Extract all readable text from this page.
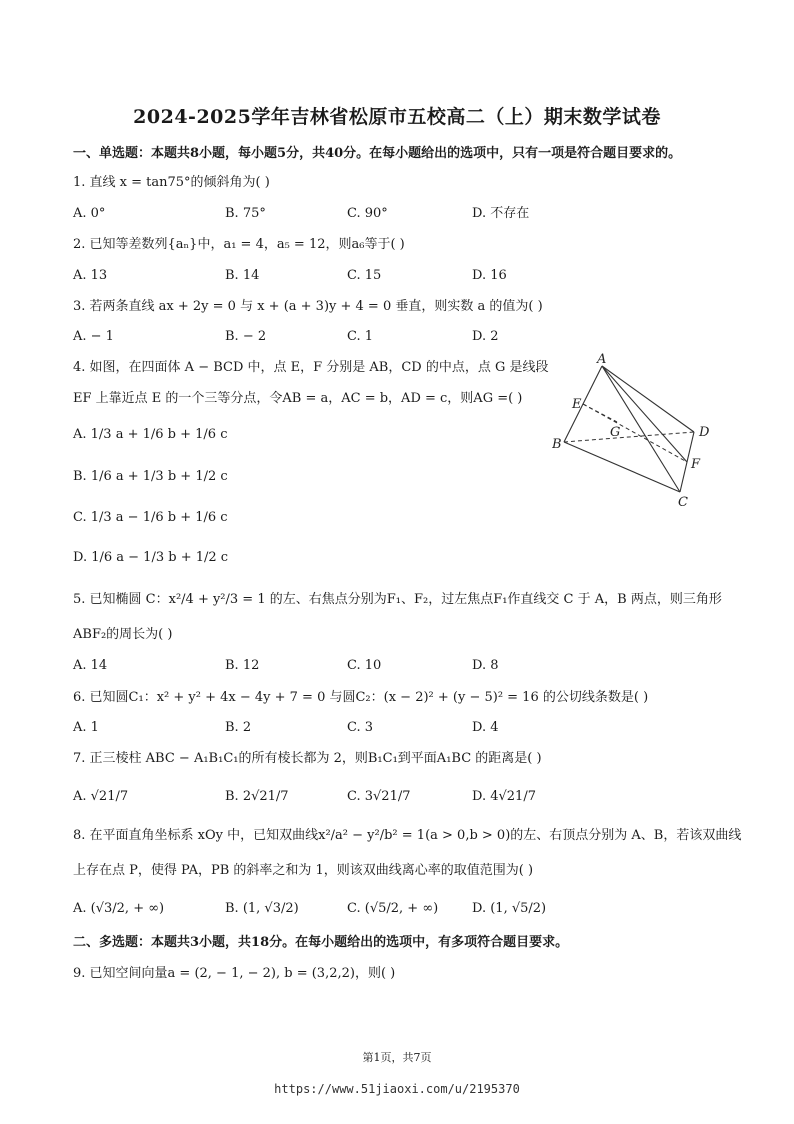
2024-2025学年吉林省松原市五校高二（上）期末数学试卷
一、单选题：本题共8小题，每小题5分，共40分。在每小题给出的选项中，只有一项是符合题目要求的。
1. 直线 x = tan75°的倾斜角为( )
A. 0°	B. 75°	C. 90°	D. 不存在
2. 已知等差数列{aₙ}中，a₁ = 4，a₅ = 12，则a₆等于( )
A. 13	B. 14	C. 15	D. 16
3. 若两条直线 ax + 2y = 0 与 x + (a + 3)y + 4 = 0 垂直，则实数 a 的值为( )
A. − 1	B. − 2	C. 1	D. 2
4. 如图，在四面体 A − BCD 中，点 E，F 分别是 AB，CD 的中点，点 G 是线段
EF 上靠近点 E 的一个三等分点，令AB = a，AC = b，AD = c，则AG =( )
A. 1/3 a + 1/6 b + 1/6 c
B. 1/6 a + 1/3 b + 1/2 c
C. 1/3 a − 1/6 b + 1/6 c
D. 1/6 a − 1/3 b + 1/2 c
A
B
C
D
E
F
G
5. 已知椭圆 C：x²/4 + y²/3 = 1 的左、右焦点分别为F₁、F₂，过左焦点F₁作直线交 C 于 A，B 两点，则三角形
ABF₂的周长为( )
A. 14	B. 12	C. 10	D. 8
6. 已知圆C₁：x² + y² + 4x − 4y + 7 = 0 与圆C₂：(x − 2)² + (y − 5)² = 16 的公切线条数是( )
A. 1	B. 2	C. 3	D. 4
7. 正三棱柱 ABC − A₁B₁C₁的所有棱长都为 2，则B₁C₁到平面A₁BC 的距离是( )
A. √21/7	B. 2√21/7	C. 3√21/7	D. 4√21/7
8. 在平面直角坐标系 xOy 中，已知双曲线x²/a² − y²/b² = 1(a > 0,b > 0)的左、右顶点分别为 A、B，若该双曲线
上存在点 P，使得 PA，PB 的斜率之和为 1，则该双曲线离心率的取值范围为( )
A. (√3/2, + ∞)	B. (1, √3/2)	C. (√5/2, + ∞)	D. (1, √5/2)
二、多选题：本题共3小题，共18分。在每小题给出的选项中，有多项符合题目要求。
9. 已知空间向量a = (2, − 1, − 2), b = (3,2,2)，则( )
第1页，共7页
https://www.51jiaoxi.com/u/2195370
